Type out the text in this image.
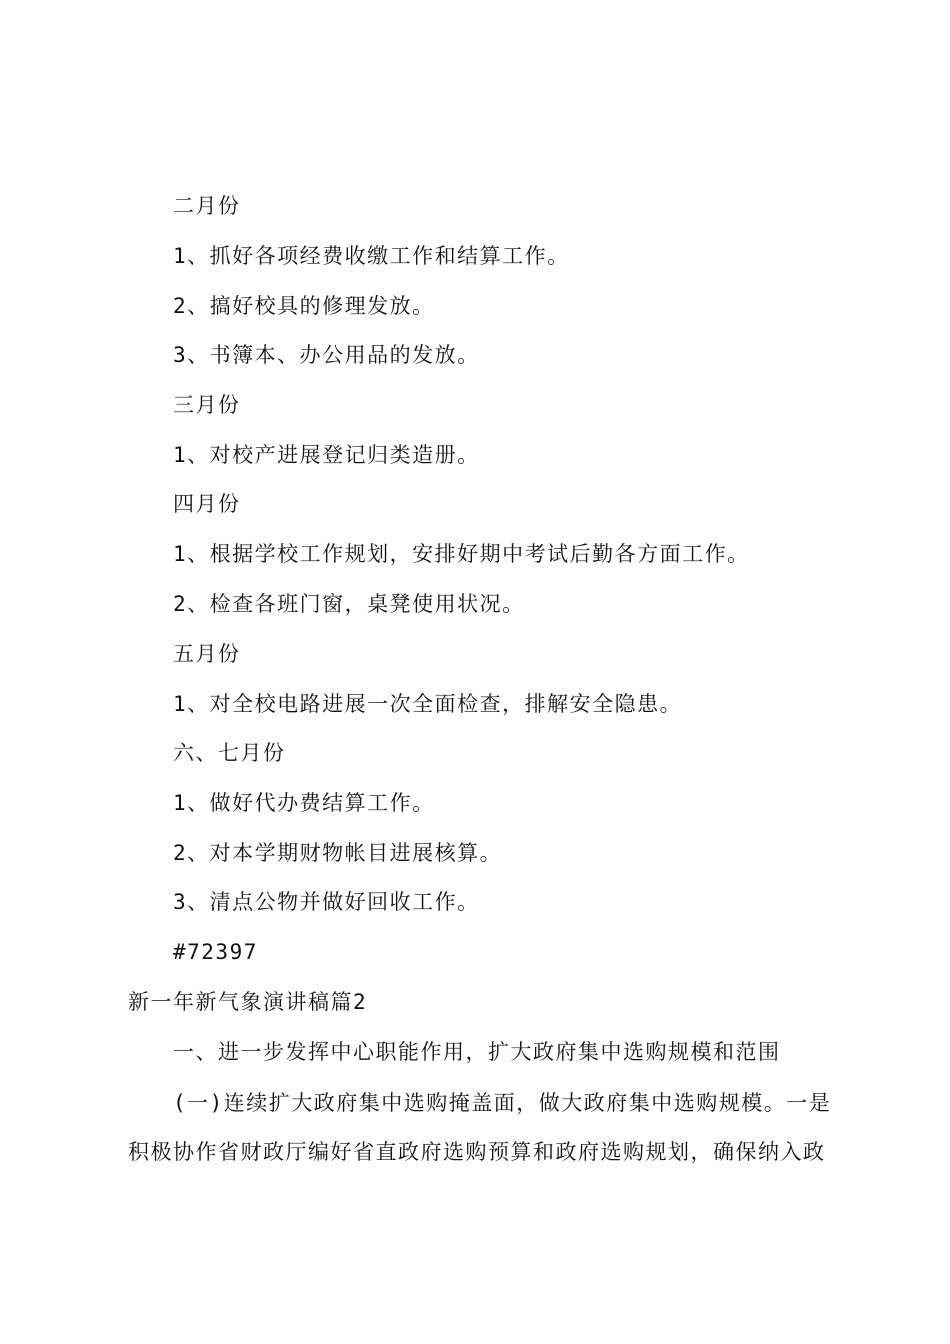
二月份
1、抓好各项经费收缴工作和结算工作。
2、搞好校具的修理发放。
3、书簿本、办公用品的发放。
三月份
1、对校产进展登记归类造册。
四月份
1、根据学校工作规划，安排好期中考试后勤各方面工作。
2、检查各班门窗，桌凳使用状况。
五月份
1、对全校电路进展一次全面检查，排解安全隐患。
六、七月份
1、做好代办费结算工作。
2、对本学期财物帐目进展核算。
3、清点公物并做好回收工作。
#72397
新一年新气象演讲稿篇2
一、进一步发挥中心职能作用，扩大政府集中选购规模和范围
(一)连续扩大政府集中选购掩盖面，做大政府集中选购规模。一是
积极协作省财政厅编好省直政府选购预算和政府选购规划，确保纳入政
